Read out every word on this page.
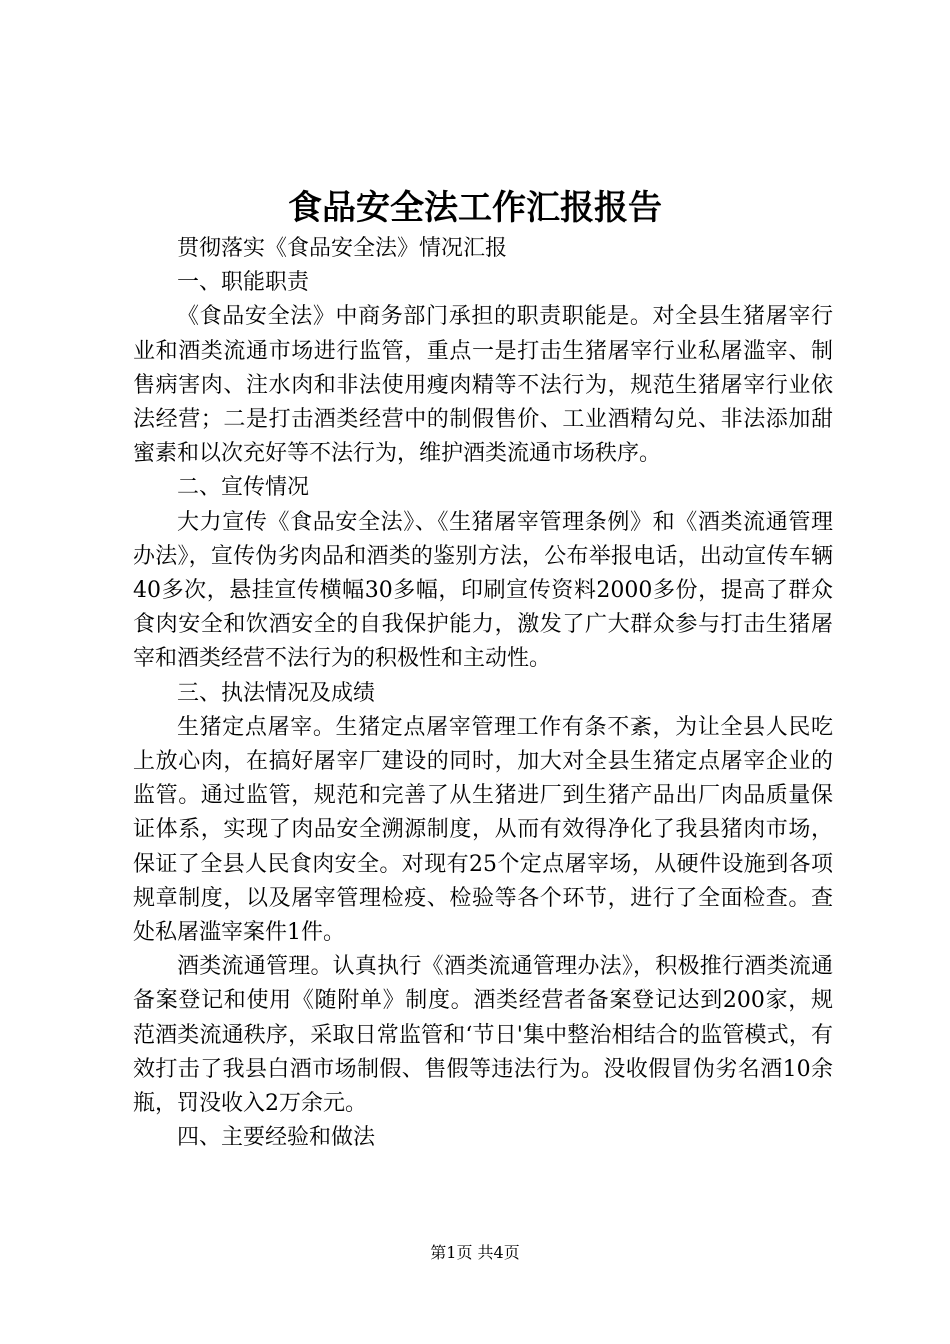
食品安全法工作汇报报告

贯彻落实《食品安全法》情况汇报

一、职能职责

《食品安全法》中商务部门承担的职责职能是。对全县生猪屠宰行业和酒类流通市场进行监管，重点一是打击生猪屠宰行业私屠滥宰、制售病害肉、注水肉和非法使用瘦肉精等不法行为，规范生猪屠宰行业依法经营；二是打击酒类经营中的制假售价、工业酒精勾兑、非法添加甜蜜素和以次充好等不法行为，维护酒类流通市场秩序。

二、宣传情况

大力宣传《食品安全法》、《生猪屠宰管理条例》和《酒类流通管理办法》，宣传伪劣肉品和酒类的鉴别方法，公布举报电话，出动宣传车辆40多次，悬挂宣传横幅30多幅，印刷宣传资料2000多份，提高了群众食肉安全和饮酒安全的自我保护能力，激发了广大群众参与打击生猪屠宰和酒类经营不法行为的积极性和主动性。

三、执法情况及成绩

生猪定点屠宰。生猪定点屠宰管理工作有条不紊，为让全县人民吃上放心肉，在搞好屠宰厂建设的同时，加大对全县生猪定点屠宰企业的监管。通过监管，规范和完善了从生猪进厂到生猪产品出厂肉品质量保证体系，实现了肉品安全溯源制度，从而有效得净化了我县猪肉市场，保证了全县人民食肉安全。对现有25个定点屠宰场，从硬件设施到各项规章制度，以及屠宰管理检疫、检验等各个环节，进行了全面检查。查处私屠滥宰案件1件。

酒类流通管理。认真执行《酒类流通管理办法》，积极推行酒类流通备案登记和使用《随附单》制度。酒类经营者备案登记达到200家，规范酒类流通秩序，采取日常监管和‘节日'集中整治相结合的监管模式，有效打击了我县白酒市场制假、售假等违法行为。没收假冒伪劣名酒10余瓶，罚没收入2万余元。

四、主要经验和做法

第1页 共4页
